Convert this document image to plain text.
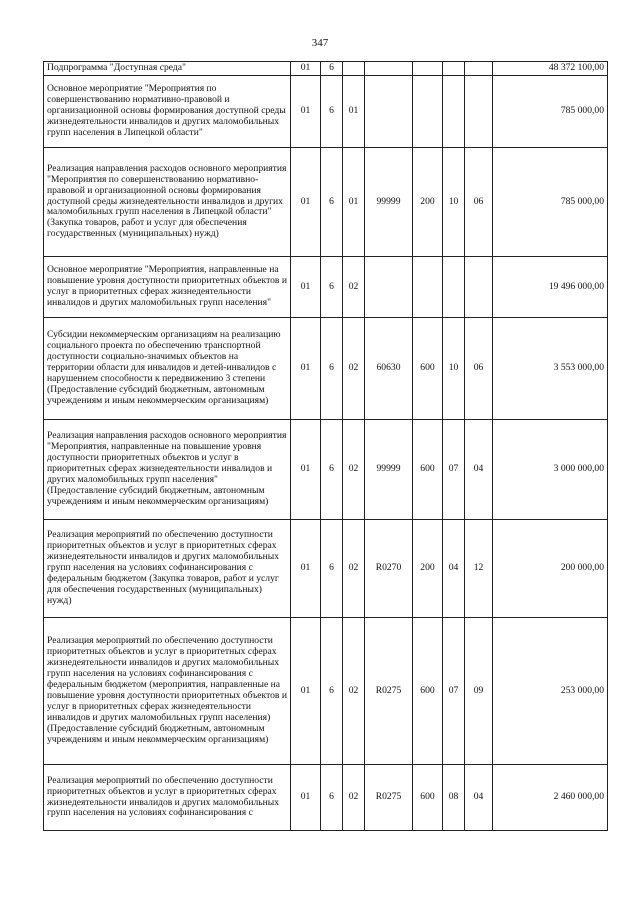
347
Подпрограмма "Доступная среда"	01	6						48 372 100,00
Основное мероприятие "Мероприятия по совершенствованию нормативно-правовой и организационной основы формирования доступной среды жизнедеятельности инвалидов и других маломобильных групп населения в Липецкой области"	01	6	01					785 000,00
Реализация направления расходов основного мероприятия "Мероприятия по совершенствованию нормативно-правовой и организационной основы формирования доступной среды жизнедеятельности инвалидов и других маломобильных групп населения в Липецкой области" (Закупка товаров, работ и услуг для обеспечения государственных (муниципальных) нужд)	01	6	01	99999	200	10	06	785 000,00
Основное мероприятие "Мероприятия, направленные на повышение уровня доступности приоритетных объектов и услуг в приоритетных сферах жизнедеятельности инвалидов и других маломобильных групп населения"	01	6	02					19 496 000,00
Субсидии некоммерческим организациям на реализацию социального проекта по обеспечению транспортной доступности социально-значимых объектов на территории области для инвалидов и детей-инвалидов с нарушением способности к передвижению 3 степени (Предоставление субсидий бюджетным, автономным учреждениям и иным некоммерческим организациям)	01	6	02	60630	600	10	06	3 553 000,00
Реализация направления расходов основного мероприятия "Мероприятия, направленные на повышение уровня доступности приоритетных объектов и услуг в приоритетных сферах жизнедеятельности инвалидов и других маломобильных групп населения" (Предоставление субсидий бюджетным, автономным учреждениям и иным некоммерческим организациям)	01	6	02	99999	600	07	04	3 000 000,00
Реализация мероприятий по обеспечению доступности приоритетных объектов и услуг в приоритетных сферах жизнедеятельности инвалидов и других маломобильных групп населения на условиях софинансирования с федеральным бюджетом (Закупка товаров, работ и услуг для обеспечения государственных (муниципальных) нужд)	01	6	02	R0270	200	04	12	200 000,00
Реализация мероприятий по обеспечению доступности приоритетных объектов и услуг в приоритетных сферах жизнедеятельности инвалидов и других маломобильных групп населения на условиях софинансирования с федеральным бюджетом (мероприятия, направленные на повышение уровня доступности приоритетных объектов и услуг в приоритетных сферах жизнедеятельности инвалидов и других маломобильных групп населения) (Предоставление субсидий бюджетным, автономным учреждениям и иным некоммерческим организациям)	01	6	02	R0275	600	07	09	253 000,00
Реализация мероприятий по обеспечению доступности приоритетных объектов и услуг в приоритетных сферах жизнедеятельности инвалидов и других маломобильных групп населения на условиях софинансирования с	01	6	02	R0275	600	08	04	2 460 000,00
